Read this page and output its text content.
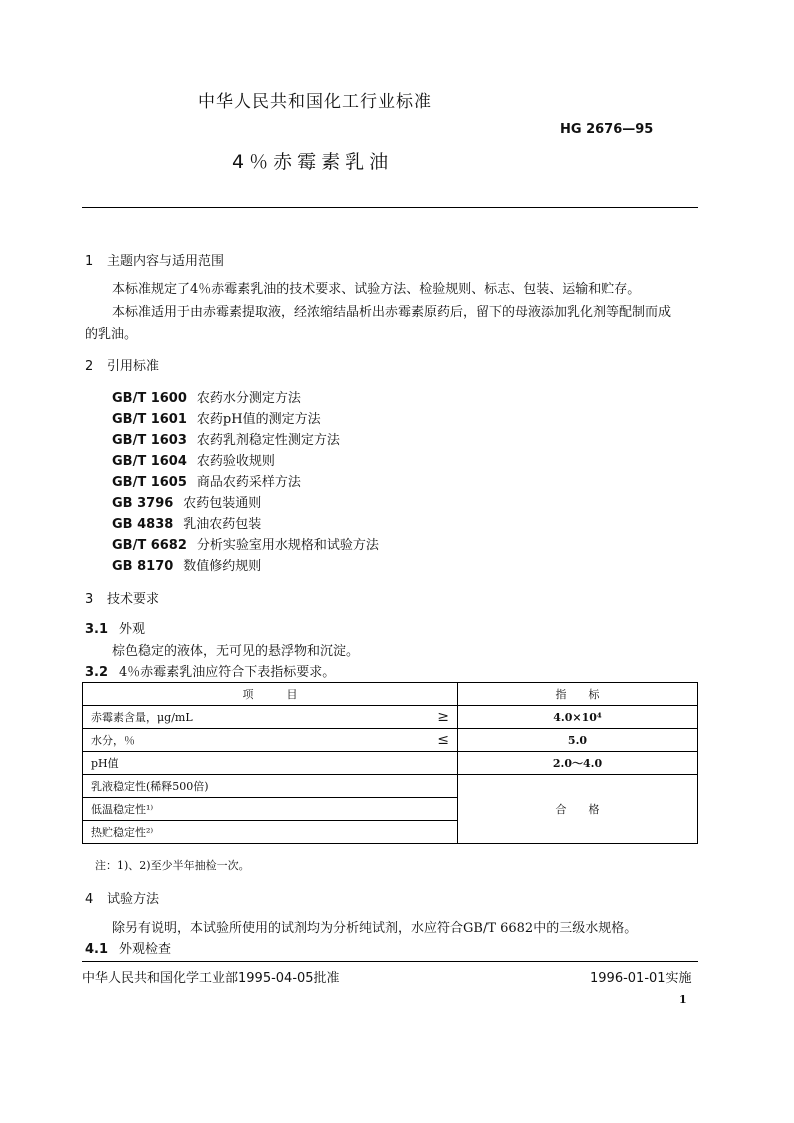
中华人民共和国化工行业标准
HG 2676—95
4％赤霉素乳油
1 主题内容与适用范围
本标准规定了4％赤霉素乳油的技术要求、试验方法、检验规则、标志、包装、运输和贮存。
本标准适用于由赤霉素提取液，经浓缩结晶析出赤霉素原药后，留下的母液添加乳化剂等配制而成
的乳油。
2 引用标准
GB/T 1600 农药水分测定方法
GB/T 1601 农药pH值的测定方法
GB/T 1603 农药乳剂稳定性测定方法
GB/T 1604 农药验收规则
GB/T 1605 商品农药采样方法
GB 3796 农药包装通则
GB 4838 乳油农药包装
GB/T 6682 分析实验室用水规格和试验方法
GB 8170 数值修约规则
3 技术要求
3.1 外观
棕色稳定的液体，无可见的悬浮物和沉淀。
3.2 4％赤霉素乳油应符合下表指标要求。
项　　　目	指　　标

赤霉素含量，μg/mL ≥	4.0×10⁴

水分，％ ≤	5.0

pH值	2.0～4.0

乳液稳定性(稀释500倍)	合　　格

低温稳定性¹⁾	

热贮稳定性²⁾	
注：1)、2)至少半年抽检一次。
4 试验方法
除另有说明，本试验所使用的试剂均为分析纯试剂，水应符合GB/T 6682中的三级水规格。
4.1 外观检查
中华人民共和国化学工业部1995-04-05批准	1996-01-01实施
1
